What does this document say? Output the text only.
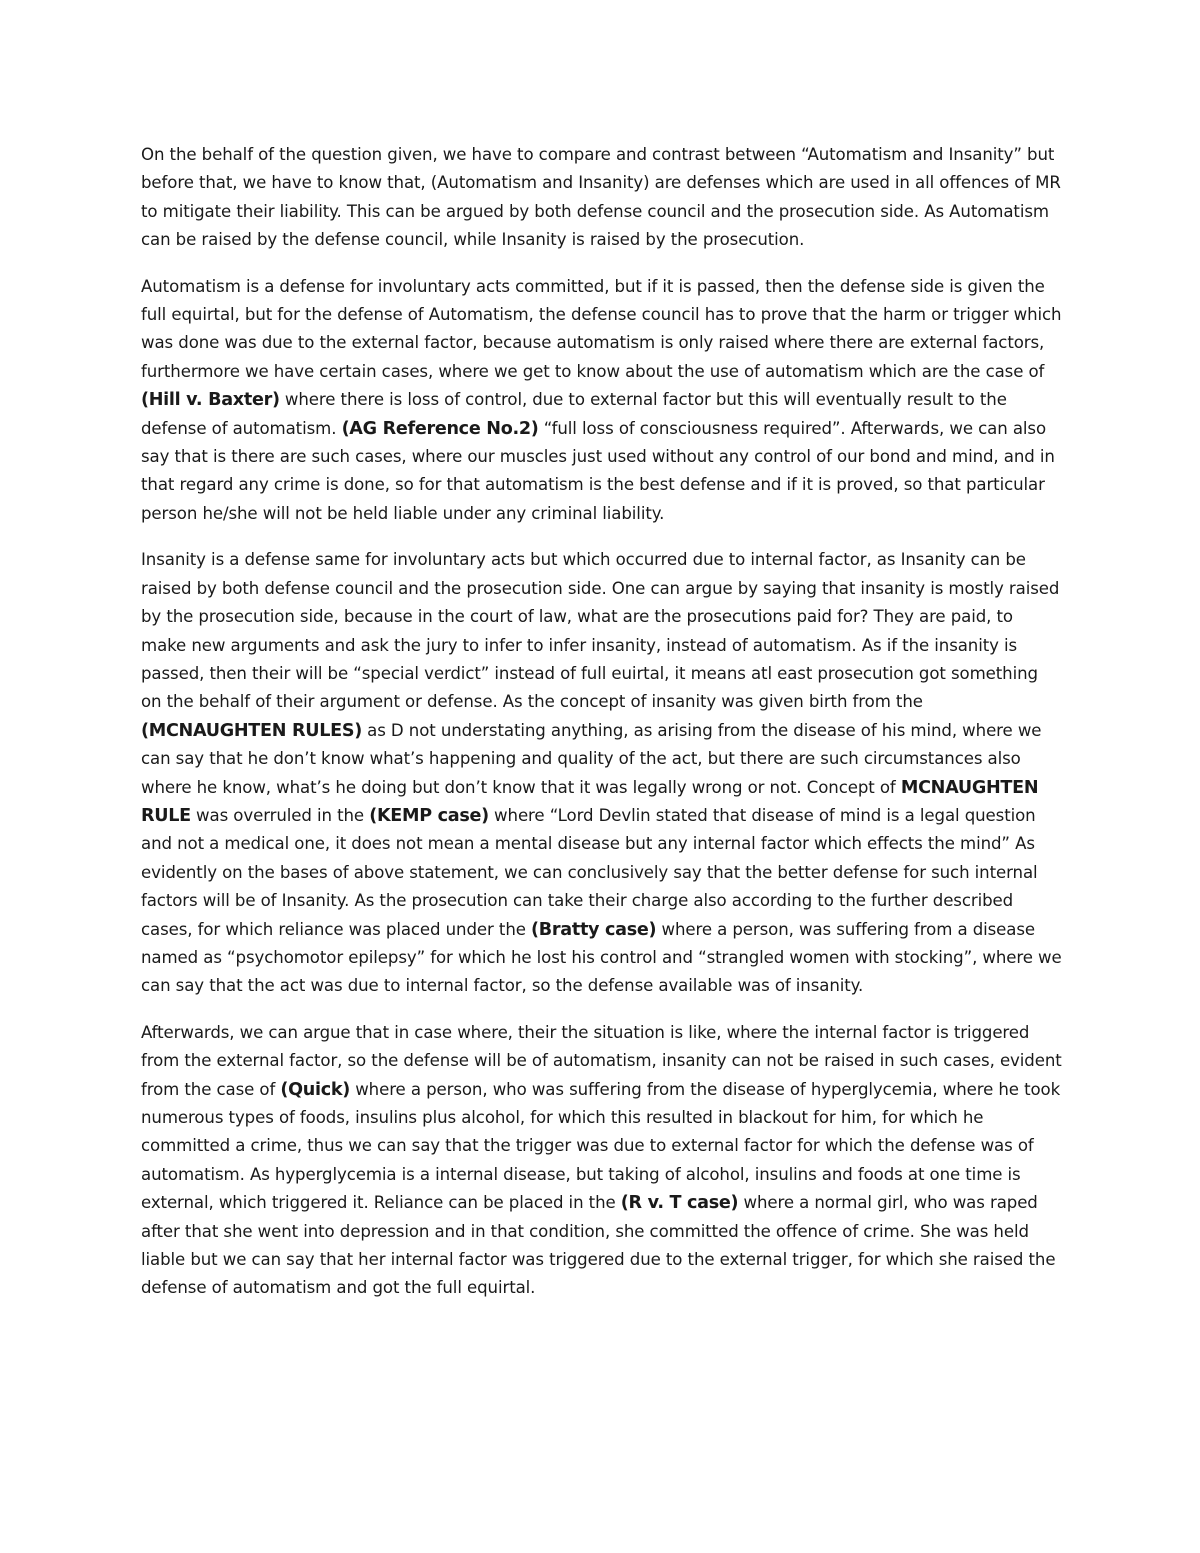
On the behalf of the question given, we have to compare and contrast between “Automatism and Insanity” but before that, we have to know that, (Automatism and Insanity) are defenses which are used in all offences of MR to mitigate their liability. This can be argued by both defense council and the prosecution side. As Automatism can be raised by the defense council, while Insanity is raised by the prosecution.

Automatism is a defense for involuntary acts committed, but if it is passed, then the defense side is given the full equirtal, but for the defense of Automatism, the defense council has to prove that the harm or trigger which was done was due to the external factor, because automatism is only raised where there are external factors, furthermore we have certain cases, where we get to know about the use of automatism which are the case of (Hill v. Baxter) where there is loss of control, due to external factor but this will eventually result to the defense of automatism. (AG Reference No.2) “full loss of consciousness required”. Afterwards, we can also say that is there are such cases, where our muscles just used without any control of our bond and mind, and in that regard any crime is done, so for that automatism is the best defense and if it is proved, so that particular person he/she will not be held liable under any criminal liability.

Insanity is a defense same for involuntary acts but which occurred due to internal factor, as Insanity can be raised by both defense council and the prosecution side. One can argue by saying that insanity is mostly raised by the prosecution side, because in the court of law, what are the prosecutions paid for? They are paid, to make new arguments and ask the jury to infer to infer insanity, instead of automatism. As if the insanity is passed, then their will be “special verdict” instead of full euirtal, it means atl east prosecution got something on the behalf of their argument or defense. As the concept of insanity was given birth from the (MCNAUGHTEN RULES) as D not understating anything, as arising from the disease of his mind, where we can say that he don’t know what’s happening and quality of the act, but there are such circumstances also where he know, what’s he doing but don’t know that it was legally wrong or not. Concept of MCNAUGHTEN RULE was overruled in the (KEMP case) where “Lord Devlin stated that disease of mind is a legal question and not a medical one, it does not mean a mental disease but any internal factor which effects the mind” As evidently on the bases of above statement, we can conclusively say that the better defense for such internal factors will be of Insanity. As the prosecution can take their charge also according to the further described cases, for which reliance was placed under the (Bratty case) where a person, was suffering from a disease named as “psychomotor epilepsy” for which he lost his control and “strangled women with stocking”, where we can say that the act was due to internal factor, so the defense available was of insanity.

Afterwards, we can argue that in case where, their the situation is like, where the internal factor is triggered from the external factor, so the defense will be of automatism, insanity can not be raised in such cases, evident from the case of (Quick) where a person, who was suffering from the disease of hyperglycemia, where he took numerous types of foods, insulins plus alcohol, for which this resulted in blackout for him, for which he committed a crime, thus we can say that the trigger was due to external factor for which the defense was of automatism. As hyperglycemia is a internal disease, but taking of alcohol, insulins and foods at one time is external, which triggered it. Reliance can be placed in the (R v. T case) where a normal girl, who was raped after that she went into depression and in that condition, she committed the offence of crime. She was held liable but we can say that her internal factor was triggered due to the external trigger, for which she raised the defense of automatism and got the full equirtal.
